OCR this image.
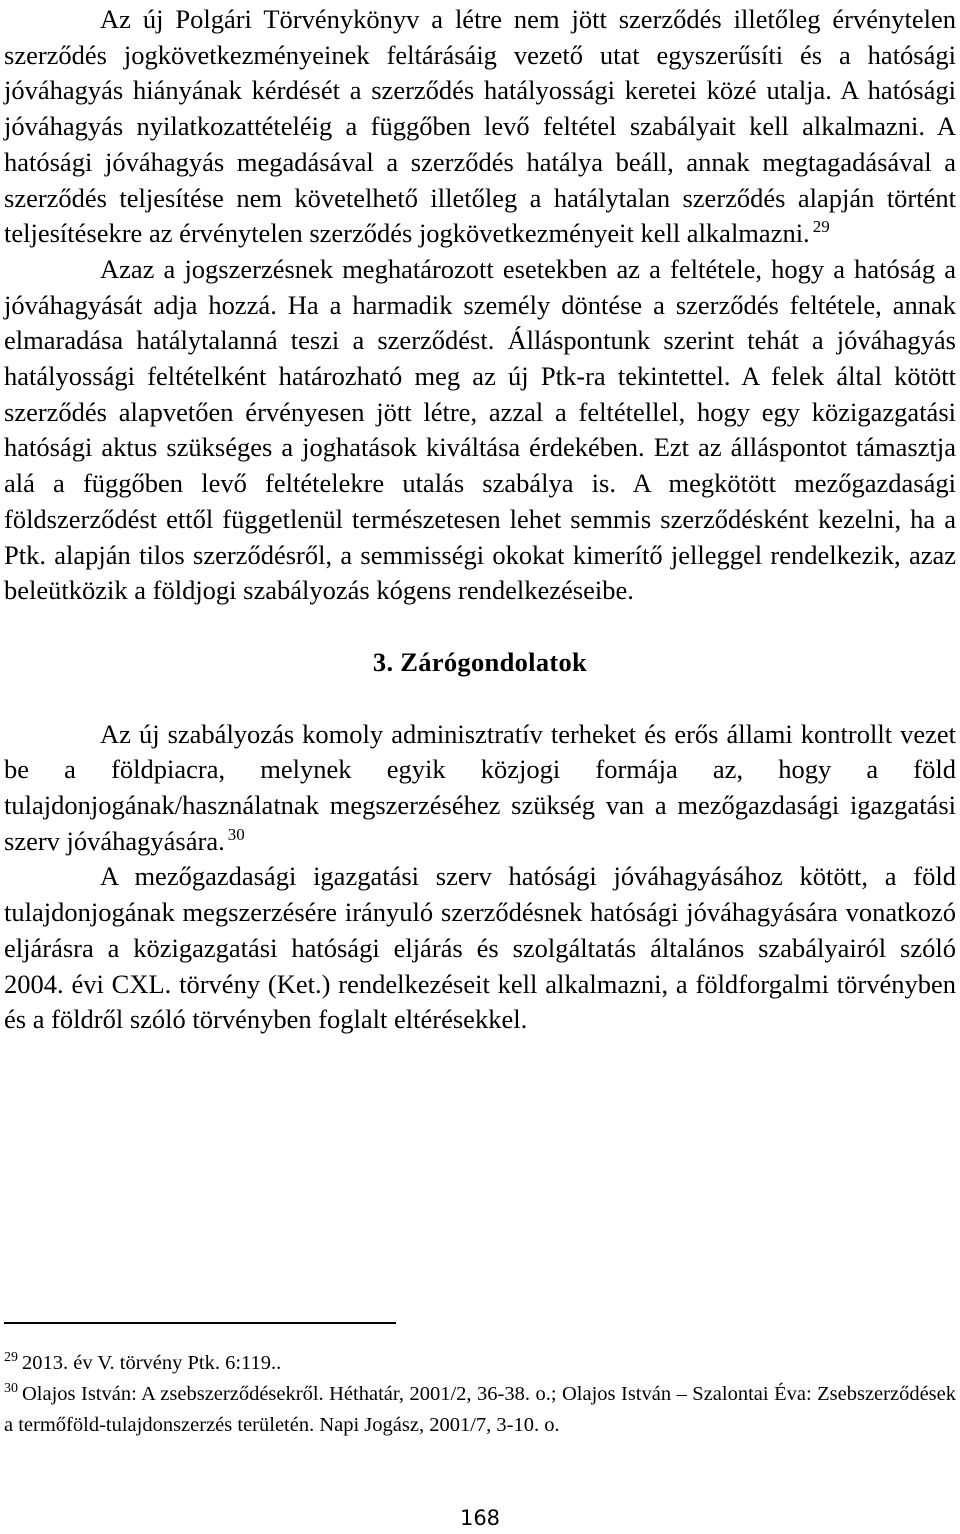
Az új Polgári Törvénykönyv a létre nem jött szerződés illetőleg érvénytelen szerződés jogkövetkezményeinek feltárásáig vezető utat egyszerűsíti és a hatósági jóváhagyás hiányának kérdését a szerződés hatályossági keretei közé utalja. A hatósági jóváhagyás nyilatkozattételéig a függőben levő feltétel szabályait kell alkalmazni. A hatósági jóváhagyás megadásával a szerződés hatálya beáll, annak megtagadásával a szerződés teljesítése nem követelhető illetőleg a hatálytalan szerződés alapján történt teljesítésekre az érvénytelen szerződés jogkövetkezményeit kell alkalmazni. $^{29}$

Azaz a jogszerzésnek meghatározott esetekben az a feltétele, hogy a hatóság a jóváhagyását adja hozzá. Ha a harmadik személy döntése a szerződés feltétele, annak elmaradása hatálytalanná teszi a szerződést. Álláspontunk szerint tehát a jóváhagyás hatályossági feltételként határozható meg az új Ptk-ra tekintettel. A felek által kötött szerződés alapvetően érvényesen jött létre, azzal a feltétellel, hogy egy közigazgatási hatósági aktus szükséges a joghatások kiváltása érdekében. Ezt az álláspontot támasztja alá a függőben levő feltételekre utalás szabálya is. A megkötött mezőgazdasági földszerződést ettől függetlenül természetesen lehet semmis szerződésként kezelni, ha a Ptk. alapján tilos szerződésről, a semmisségi okokat kimerítő jelleggel rendelkezik, azaz beleütközik a földjogi szabályozás kógens rendelkezéseibe.

3. Zárógondolatok

Az új szabályozás komoly adminisztratív terheket és erős állami kontrollt vezet be a földpiacra, melynek egyik közjogi formája az, hogy a föld tulajdonjogának/használatnak megszerzéséhez szükség van a mezőgazdasági igazgatási szerv jóváhagyására. $^{30}$

A mezőgazdasági igazgatási szerv hatósági jóváhagyásához kötött, a föld tulajdonjogának megszerzésére irányuló szerződésnek hatósági jóváhagyására vonatkozó eljárásra a közigazgatási hatósági eljárás és szolgáltatás általános szabályairól szóló 2004. évi CXL. törvény (Ket.) rendelkezéseit kell alkalmazni, a földforgalmi törvényben és a földről szóló törvényben foglalt eltérésekkel.

$^{29}$ 2013. év V. törvény Ptk. 6:119..

$^{30}$ Olajos István: A zsebszerződésekről. Héthatár, 2001/2, 36-38. o.; Olajos István – Szalontai Éva: Zsebszerződések a termőföld-tulajdonszerzés területén. Napi Jogász, 2001/7, 3-10. o.

168
